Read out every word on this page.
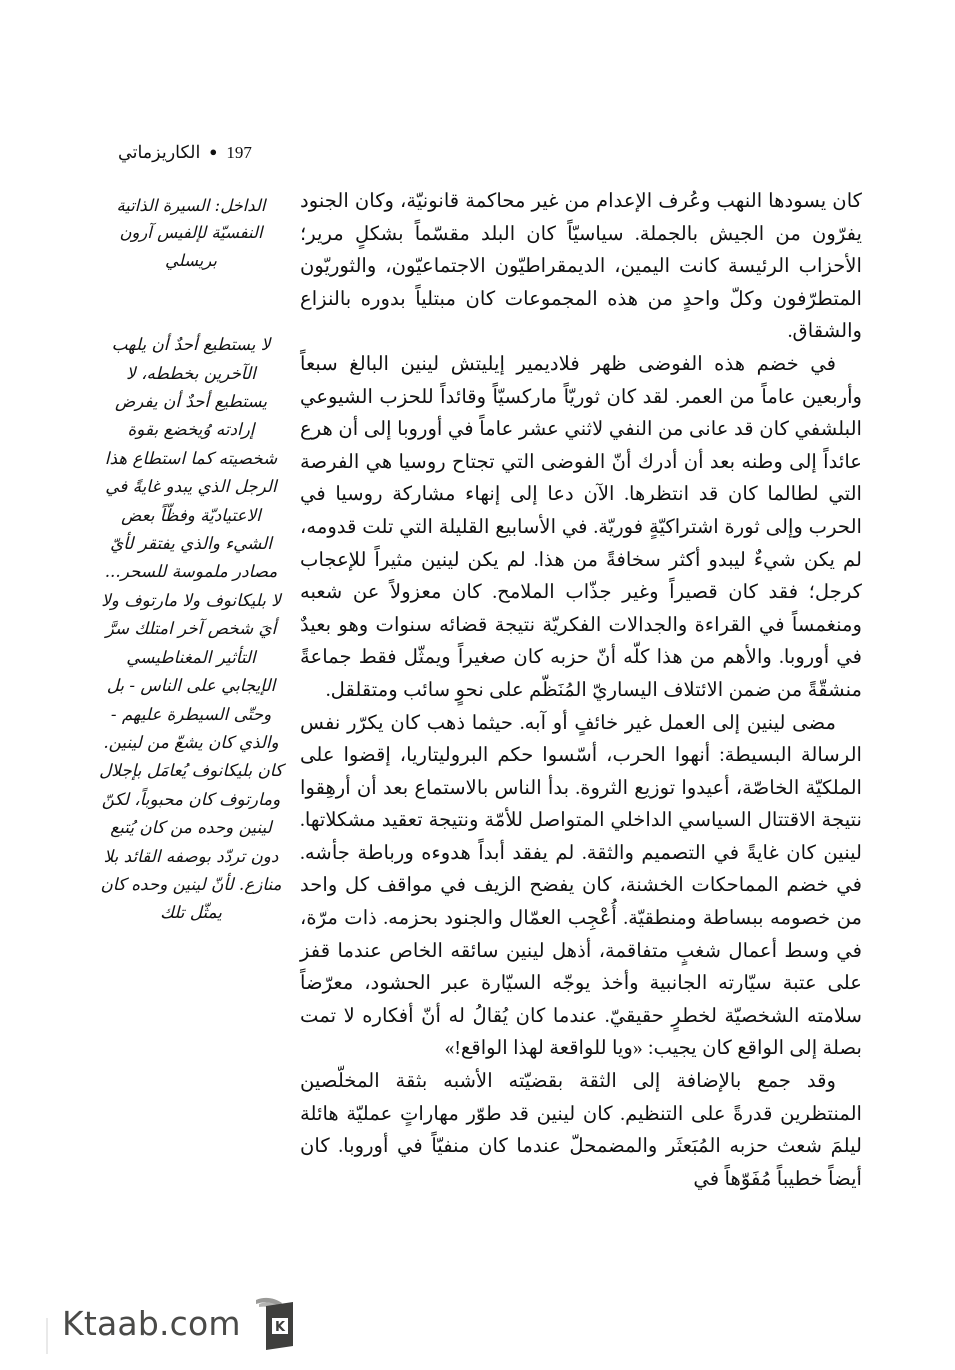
197●الكاريزماتي

كان يسودها النهب وعُرف الإعدام من غير محاكمة قانونيّة، وكان الجنود يفرّون من الجيش بالجملة. سياسيّاً كان البلد مقسّماً بشكلٍ مرير؛ الأحزاب الرئيسة كانت اليمين، الديمقراطيّون الاجتماعيّون، والثوريّون المتطرّفون وكلّ واحدٍ من هذه المجموعات كان مبتلياً بدوره بالنزاع والشقاق.

في خضم هذه الفوضى ظهر فلاديمير إيليتش لينين البالغ سبعاً وأربعين عاماً من العمر. لقد كان ثوريّاً ماركسيّاً وقائداً للحزب الشيوعي البلشفي كان قد عانى من النفي لاثني عشر عاماً في أوروبا إلى أن هرع عائداً إلى وطنه بعد أن أدرك أنّ الفوضى التي تجتاح روسيا هي الفرصة التي لطالما كان قد انتظرها. الآن دعا إلى إنهاء مشاركة روسيا في الحرب وإلى ثورة اشتراكيّةٍ فوريّة. في الأسابيع القليلة التي تلت قدومه، لم يكن شيءٌ ليبدو أكثر سخافةً من هذا. لم يكن لينين مثيراً للإعجاب كرجل؛ فقد كان قصيراً وغير جذّاب الملامح. كان معزولاً عن شعبه ومنغمساً في القراءة والجدالات الفكريّة نتيجة قضائه سنوات وهو بعيدٌ في أوروبا. والأهم من هذا كلّه أنّ حزبه كان صغيراً ويمثّل فقط جماعةً منشقّةً من ضمن الائتلاف اليساريّ المُنَظّم على نحوٍ سائب ومتقلقل.

مضى لينين إلى العمل غير خائفٍ أو آبه. حيثما ذهب كان يكرّر نفس الرسالة البسيطة: أنهوا الحرب، أسّسوا حكم البروليتاريا، إقضوا على الملكيّة الخاصّة، أعيدوا توزيع الثروة. بدأ الناس بالاستماع بعد أن أرهِقوا نتيجة الاقتتال السياسي الداخلي المتواصل للأمّة ونتيجة تعقيد مشكلاتها. لينين كان غايةً في التصميم والثقة. لم يفقد أبداً هدوءه ورباطة جأشه. في خضم المماحكات الخشنة، كان يفضح الزيف في مواقف كل واحد من خصومه ببساطة ومنطقيّة. أُعْجِب العمّال والجنود بحزمه. ذات مرّة، في وسط أعمال شغبٍ متفاقمة، أذهل لينين سائقه الخاص عندما قفز على عتبة سيّارته الجانبية وأخذ يوجّه السيّارة عبر الحشود، معرّضاً سلامته الشخصيّة لخطرٍ حقيقيّ. عندما كان يُقالُ له أنّ أفكاره لا تمت بصلة إلى الواقع كان يجيب: «ويا للواقعة لهذا الواقع!»

وقد جمع بالإضافة إلى الثقة بقضيّته الأشبه بثقة المخلّصين المنتظرين قدرةً على التنظيم. كان لينين قد طوّر مهاراتٍ عمليّة هائلة ليلمَ شعث حزبه المُبَعثَر والمضمحلّ عندما كان منفيّاً في أوروبا. كان أيضاً خطيباً مُفَوّهاً في

الداخل: السيرة الذاتية النفسيّة لإلفيس آرون بريسلي

لا يستطيع أحدٌ أن يلهب الآخرين بخططه، لا يستطيع أحدٌ أن يفرض إرادته وُيخضع بقوة شخصيته كما استطاع هذا الرجل الذي يبدو غايةً في الاعتياديّة وفظّاً بعض الشيء والذي يفتقر لأيّ مصادر ملموسة للسحر... لا بليكانوف ولا مارتوف ولا أيَ شخص آخر امتلك سرَّ التأثير المغناطيسي الإيجابي على الناس - بل وحتّى السيطرة عليهم - والذي كان يشعّ من لينين. كان بليكانوف يُعامَل بإجلال ومارتوف كان محبوباً، لكنّ لينين وحده من كان يُتبع دون تردّد بوصفه القائد بلا منازع. لأنّ لينين وحده كان يمثّل تلك

K
Ktaab.com
